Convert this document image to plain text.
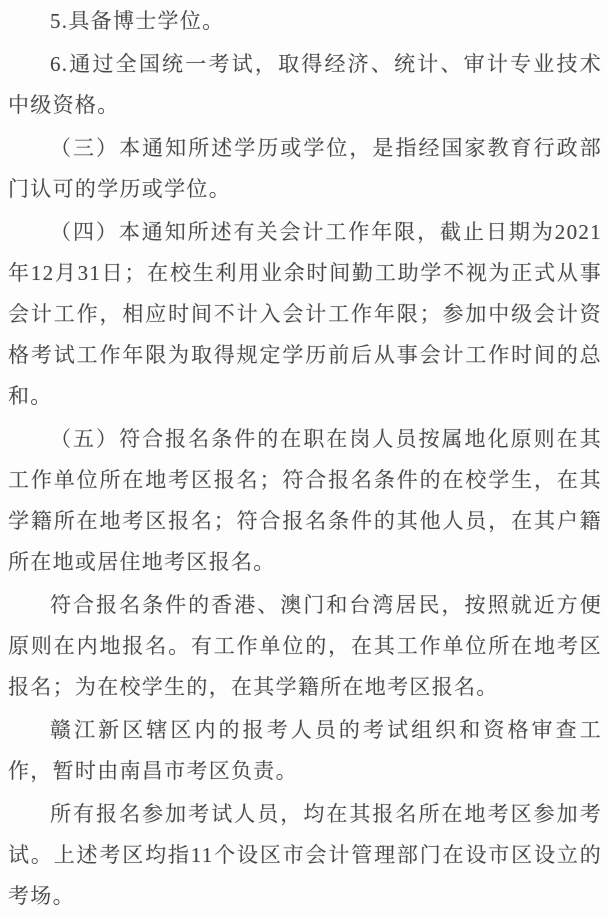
5.具备博士学位。

6.通过全国统一考试，取得经济、统计、审计专业技术中级资格。

（三）本通知所述学历或学位，是指经国家教育行政部门认可的学历或学位。

（四）本通知所述有关会计工作年限，截止日期为2021年12月31日；在校生利用业余时间勤工助学不视为正式从事会计工作，相应时间不计入会计工作年限；参加中级会计资格考试工作年限为取得规定学历前后从事会计工作时间的总和。

（五）符合报名条件的在职在岗人员按属地化原则在其工作单位所在地考区报名；符合报名条件的在校学生，在其学籍所在地考区报名；符合报名条件的其他人员，在其户籍所在地或居住地考区报名。

符合报名条件的香港、澳门和台湾居民，按照就近方便原则在内地报名。有工作单位的，在其工作单位所在地考区报名；为在校学生的，在其学籍所在地考区报名。

赣江新区辖区内的报考人员的考试组织和资格审查工作，暂时由南昌市考区负责。

所有报名参加考试人员，均在其报名所在地考区参加考试。上述考区均指11个设区市会计管理部门在设市区设立的考场。
